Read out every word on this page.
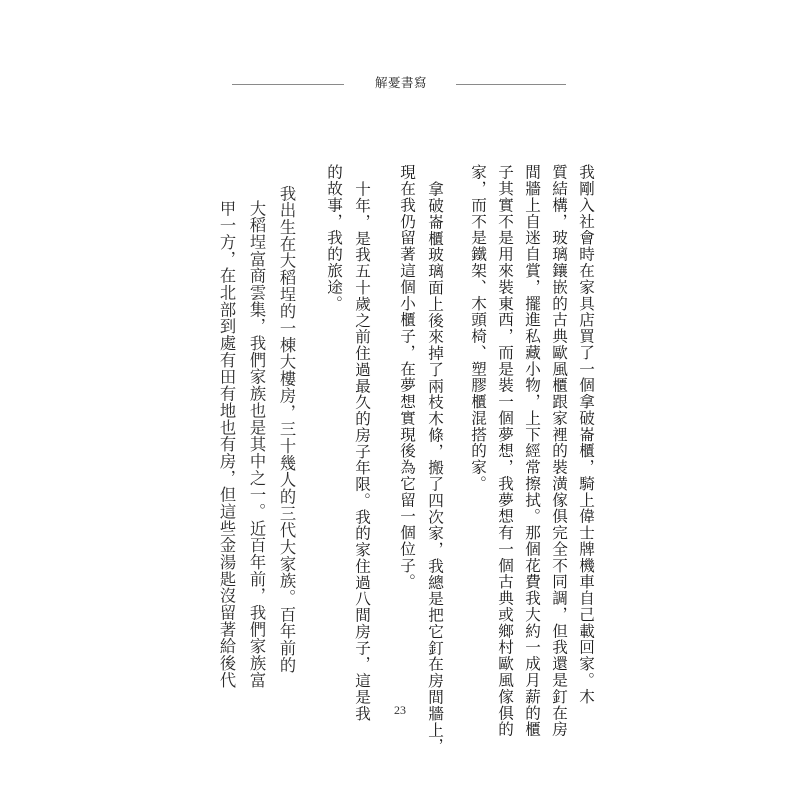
解憂書寫
我剛入社會時在家具店買了一個拿破崙櫃，騎上偉士牌機車自己載回家。木
質結構，玻璃鑲嵌的古典歐風櫃跟家裡的裝潢傢俱完全不同調，但我還是釘在房
間牆上自迷自賞，擺進私藏小物，上下經常擦拭。那個花費我大約一成月薪的櫃
子其實不是用來裝東西，而是裝一個夢想，我夢想有一個古典或鄉村歐風傢俱的
家，而不是鐵架、木頭椅、塑膠櫃混搭的家。
拿破崙櫃玻璃面上後來掉了兩枝木條，搬了四次家，我總是把它釘在房間牆上，
現在我仍留著這個小櫃子，在夢想實現後為它留一個位子。
十年，是我五十歲之前住過最久的房子年限。我的家住過八間房子，這是我
的故事，我的旅途。
我出生在大稻埕的一棟大樓房，三十幾人的三代大家族。百年前的
大稻埕富商雲集，我們家族也是其中之一。近百年前，我們家族富
甲一方，在北部到處有田有地也有房，但這些金湯匙沒留著給後代
23
